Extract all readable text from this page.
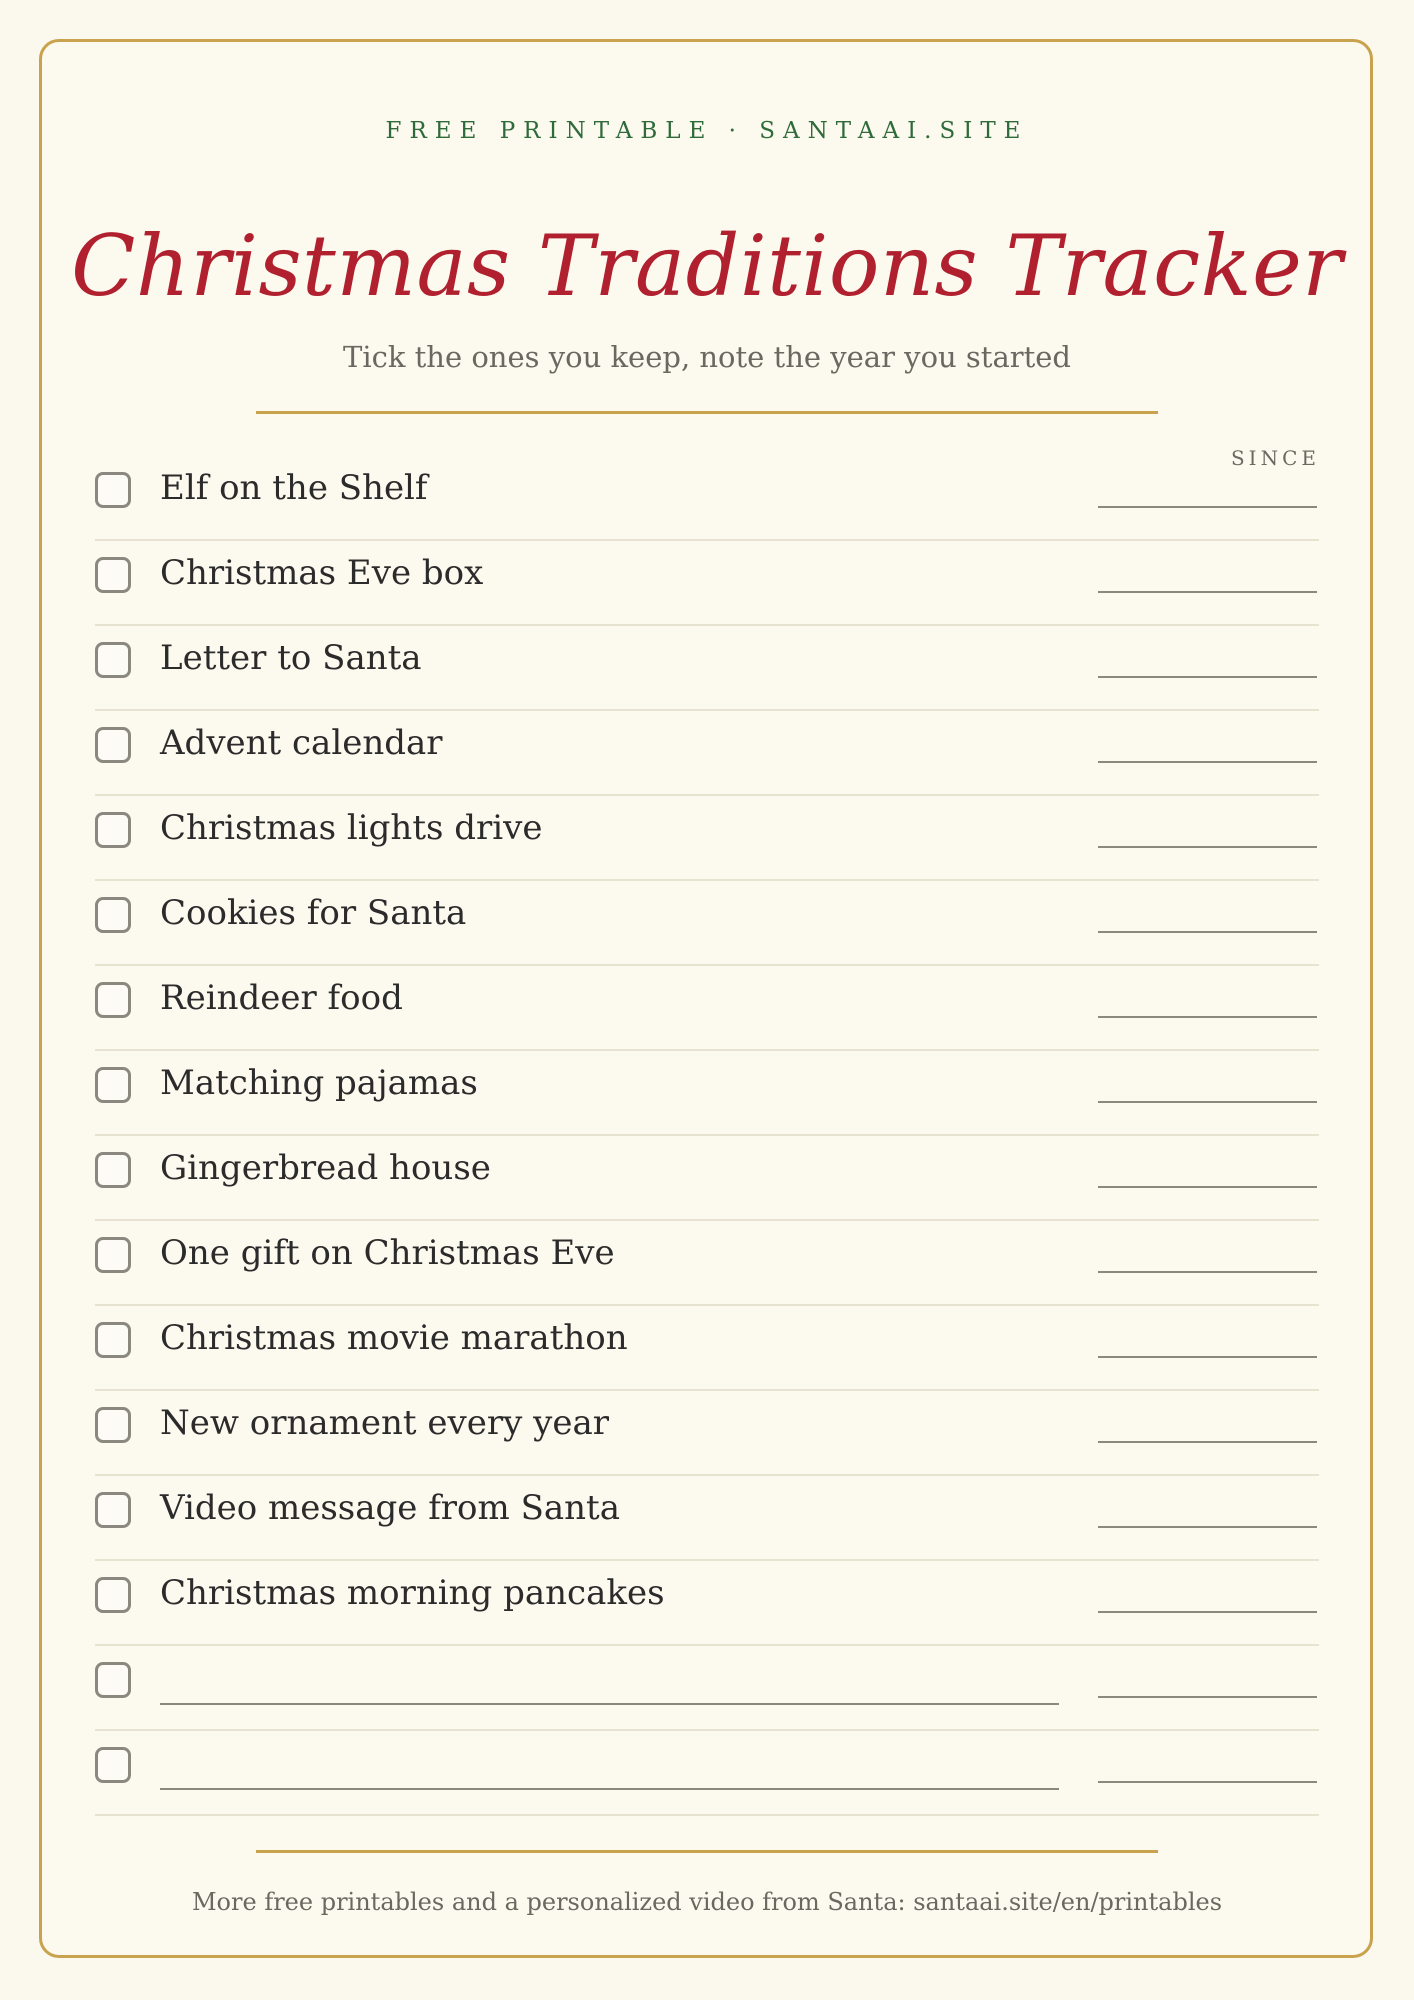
FREE PRINTABLE · SANTAAI.SITE
Christmas Traditions Tracker
Tick the ones you keep, note the year you started
SINCE
Elf on the Shelf
Christmas Eve box
Letter to Santa
Advent calendar
Christmas lights drive
Cookies for Santa
Reindeer food
Matching pajamas
Gingerbread house
One gift on Christmas Eve
Christmas movie marathon
New ornament every year
Video message from Santa
Christmas morning pancakes
More free printables and a personalized video from Santa: santaai.site/en/printables
